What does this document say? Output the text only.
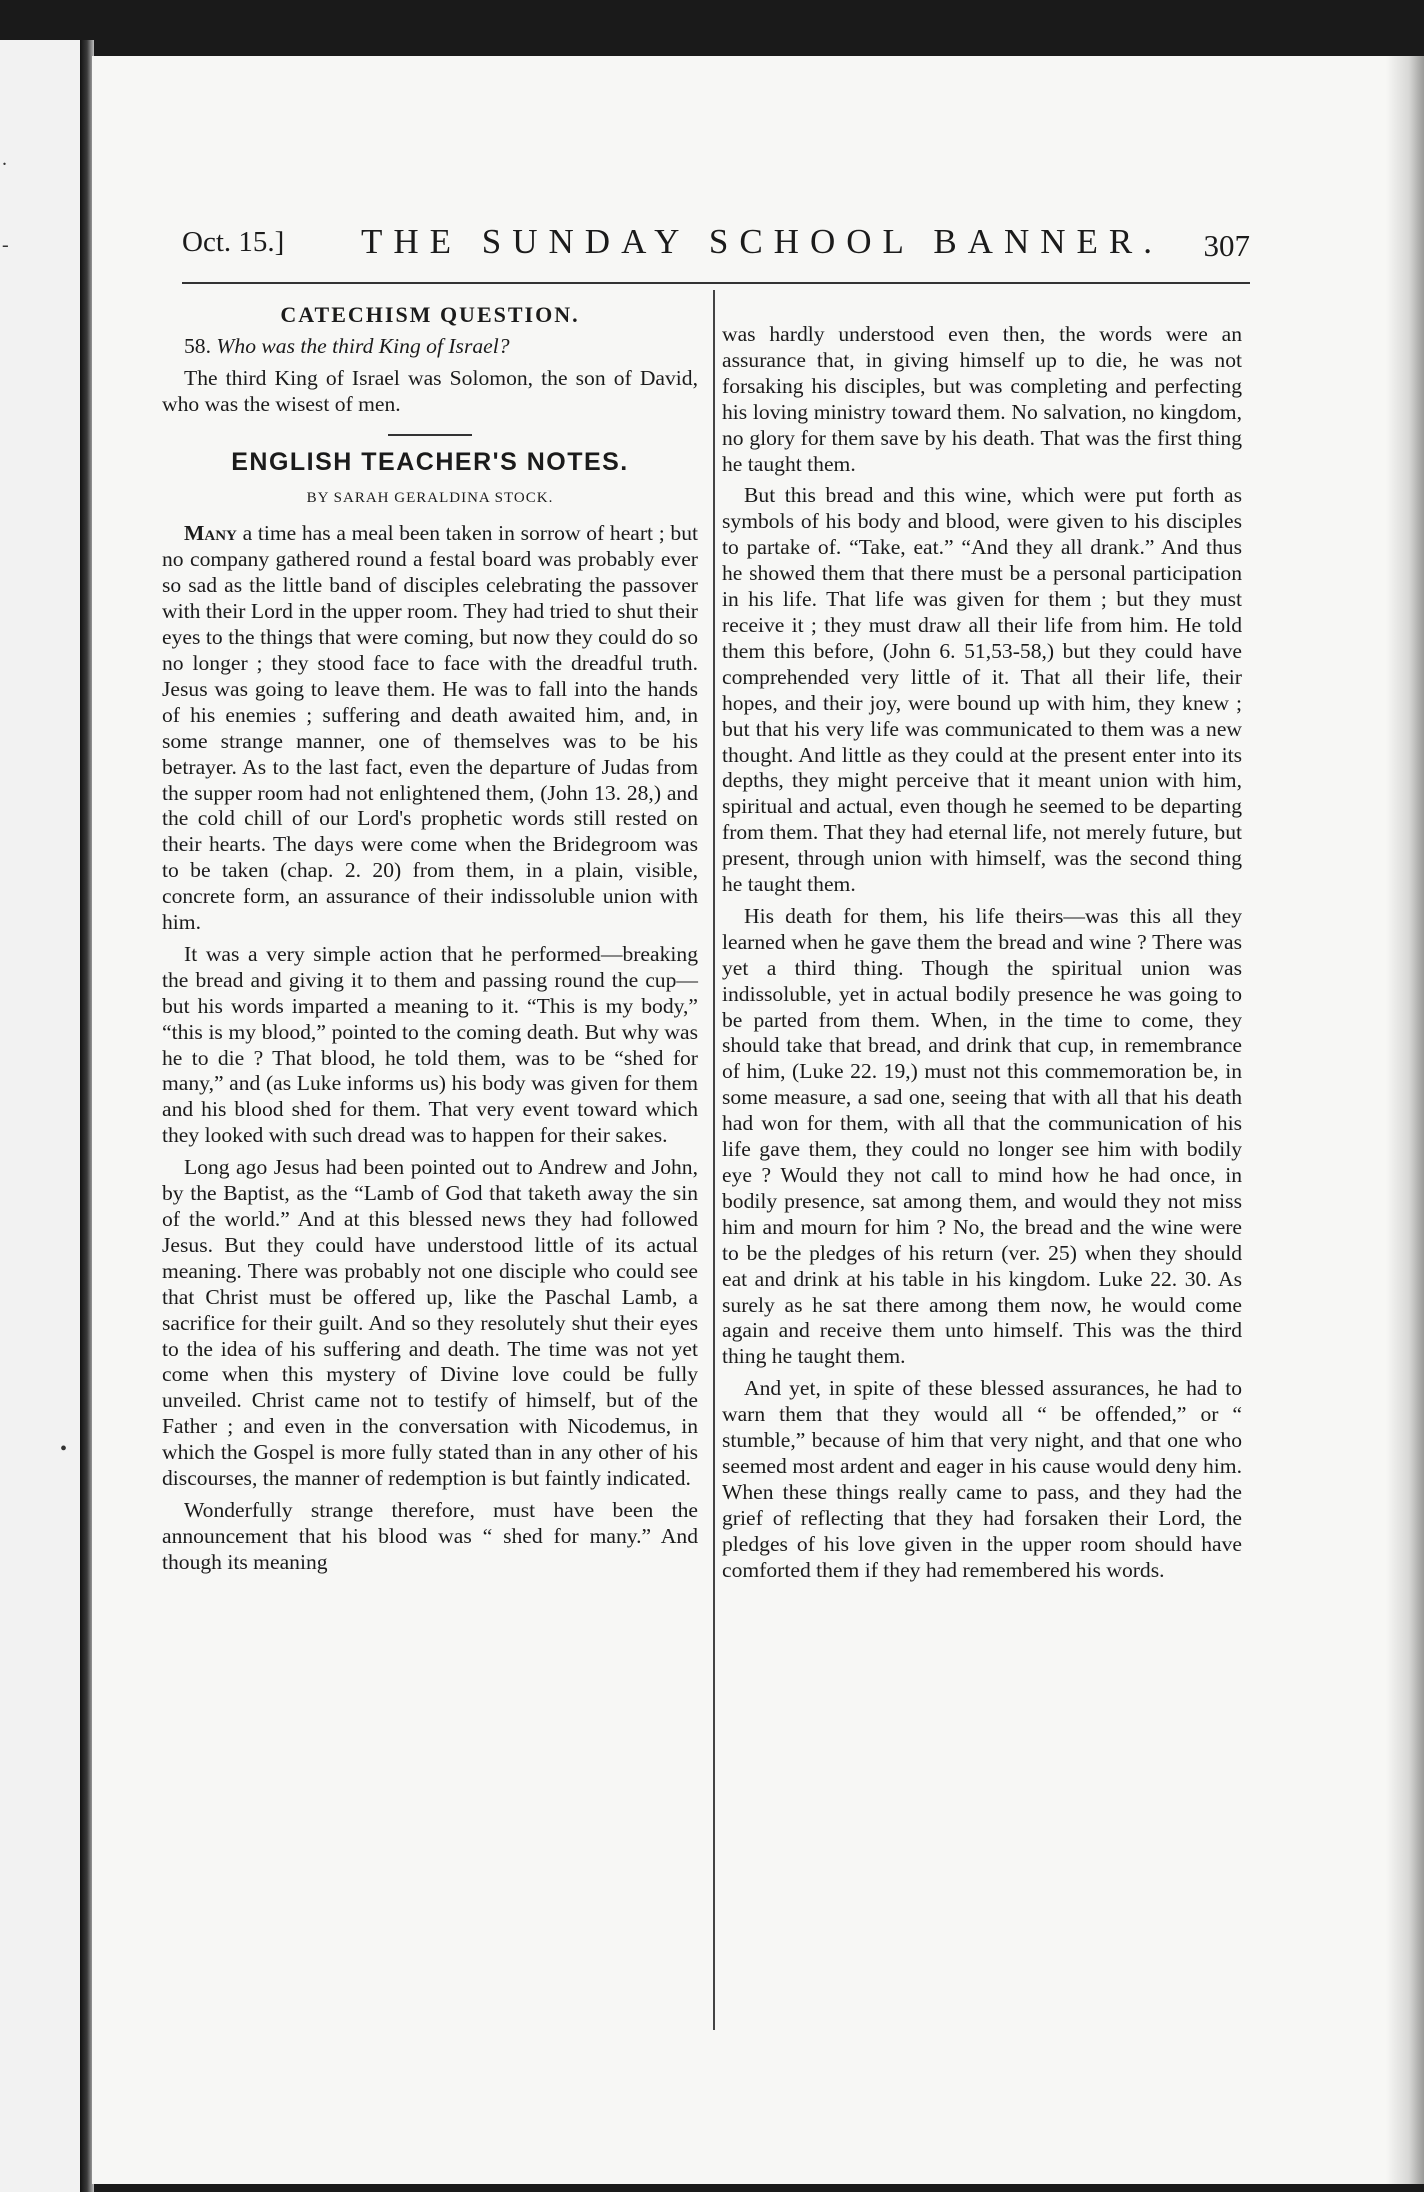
.
-
•
Oct. 15.]	THE SUNDAY SCHOOL BANNER.	307
CATECHISM QUESTION.

58. Who was the third King of Israel?

The third King of Israel was Solomon, the son of David, who was the wisest of men.

ENGLISH TEACHER'S NOTES.
BY SARAH GERALDINA STOCK.

Many a time has a meal been taken in sorrow of heart ; but no company gathered round a festal board was probably ever so sad as the little band of disciples celebrating the passover with their Lord in the upper room. They had tried to shut their eyes to the things that were coming, but now they could do so no longer ; they stood face to face with the dreadful truth. Jesus was going to leave them. He was to fall into the hands of his enemies ; suffering and death awaited him, and, in some strange manner, one of themselves was to be his betrayer. As to the last fact, even the departure of Judas from the supper room had not enlightened them, (John 13. 28,) and the cold chill of our Lord's prophetic words still rested on their hearts. The days were come when the Bridegroom was to be taken (chap. 2. 20) from them, in a plain, visible, concrete form, an assurance of their indissoluble union with him.

It was a very simple action that he performed—breaking the bread and giving it to them and passing round the cup—but his words imparted a meaning to it. “This is my body,” “this is my blood,” pointed to the coming death. But why was he to die ? That blood, he told them, was to be “shed for many,” and (as Luke informs us) his body was given for them and his blood shed for them. That very event toward which they looked with such dread was to happen for their sakes.

Long ago Jesus had been pointed out to Andrew and John, by the Baptist, as the “Lamb of God that taketh away the sin of the world.” And at this blessed news they had followed Jesus. But they could have understood little of its actual meaning. There was probably not one disciple who could see that Christ must be offered up, like the Paschal Lamb, a sacrifice for their guilt. And so they resolutely shut their eyes to the idea of his suffering and death. The time was not yet come when this mystery of Divine love could be fully unveiled. Christ came not to testify of himself, but of the Father ; and even in the conversation with Nicodemus, in which the Gospel is more fully stated than in any other of his discourses, the manner of redemption is but faintly indicated.

Wonderfully strange therefore, must have been the announcement that his blood was “ shed for many.” And though its meaning

was hardly understood even then, the words were an assurance that, in giving himself up to die, he was not forsaking his disciples, but was completing and perfecting his loving ministry toward them. No salvation, no kingdom, no glory for them save by his death. That was the first thing he taught them.

But this bread and this wine, which were put forth as symbols of his body and blood, were given to his disciples to partake of. “Take, eat.” “And they all drank.” And thus he showed them that there must be a personal participation in his life. That life was given for them ; but they must receive it ; they must draw all their life from him. He told them this before, (John 6. 51,53-58,) but they could have comprehended very little of it. That all their life, their hopes, and their joy, were bound up with him, they knew ; but that his very life was communicated to them was a new thought. And little as they could at the present enter into its depths, they might perceive that it meant union with him, spiritual and actual, even though he seemed to be departing from them. That they had eternal life, not merely future, but present, through union with himself, was the second thing he taught them.

His death for them, his life theirs—was this all they learned when he gave them the bread and wine ? There was yet a third thing. Though the spiritual union was indissoluble, yet in actual bodily presence he was going to be parted from them. When, in the time to come, they should take that bread, and drink that cup, in remembrance of him, (Luke 22. 19,) must not this commemoration be, in some measure, a sad one, seeing that with all that his death had won for them, with all that the communication of his life gave them, they could no longer see him with bodily eye ? Would they not call to mind how he had once, in bodily presence, sat among them, and would they not miss him and mourn for him ? No, the bread and the wine were to be the pledges of his return (ver. 25) when they should eat and drink at his table in his kingdom. Luke 22. 30. As surely as he sat there among them now, he would come again and receive them unto himself. This was the third thing he taught them.

And yet, in spite of these blessed assurances, he had to warn them that they would all “ be offended,” or “ stumble,” because of him that very night, and that one who seemed most ardent and eager in his cause would deny him. When these things really came to pass, and they had the grief of reflecting that they had forsaken their Lord, the pledges of his love given in the upper room should have comforted them if they had remembered his words.
